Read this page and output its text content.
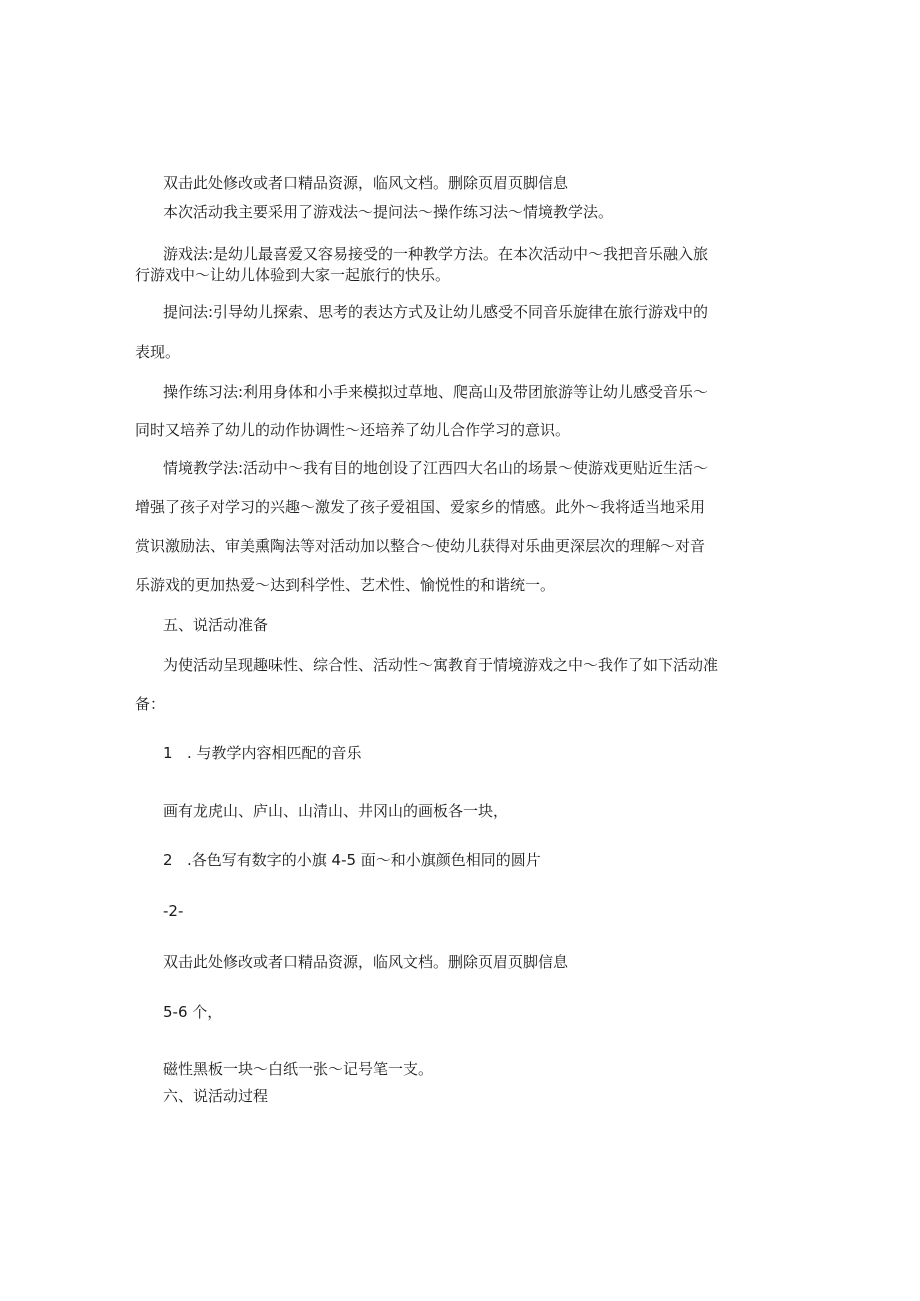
双击此处修改或者口精品资源，临风文档。删除页眉页脚信息
本次活动我主要采用了游戏法～提问法～操作练习法～情境教学法。
游戏法:是幼儿最喜爱又容易接受的一种教学方法。在本次活动中～我把音乐融入旅
行游戏中～让幼儿体验到大家一起旅行的快乐。
提问法:引导幼儿探索、思考的表达方式及让幼儿感受不同音乐旋律在旅行游戏中的
表现。
操作练习法:利用身体和小手来模拟过草地、爬高山及带团旅游等让幼儿感受音乐～
同时又培养了幼儿的动作协调性～还培养了幼儿合作学习的意识。
情境教学法:活动中～我有目的地创设了江西四大名山的场景～使游戏更贴近生活～
增强了孩子对学习的兴趣～激发了孩子爱祖国、爱家乡的情感。此外～我将适当地采用
赏识激励法、审美熏陶法等对活动加以整合～使幼儿获得对乐曲更深层次的理解～对音
乐游戏的更加热爱～达到科学性、艺术性、愉悦性的和谐统一。
五、说活动准备
为使活动呈现趣味性、综合性、活动性～寓教育于情境游戏之中～我作了如下活动准
备：
1 . 与教学内容相匹配的音乐
画有龙虎山、庐山、山清山、井冈山的画板各一块，
2 .各色写有数字的小旗 4-5 面～和小旗颜色相同的圆片
-2-
双击此处修改或者口精品资源，临风文档。删除页眉页脚信息
5-6 个，
磁性黑板一块～白纸一张～记号笔一支。
六、说活动过程
